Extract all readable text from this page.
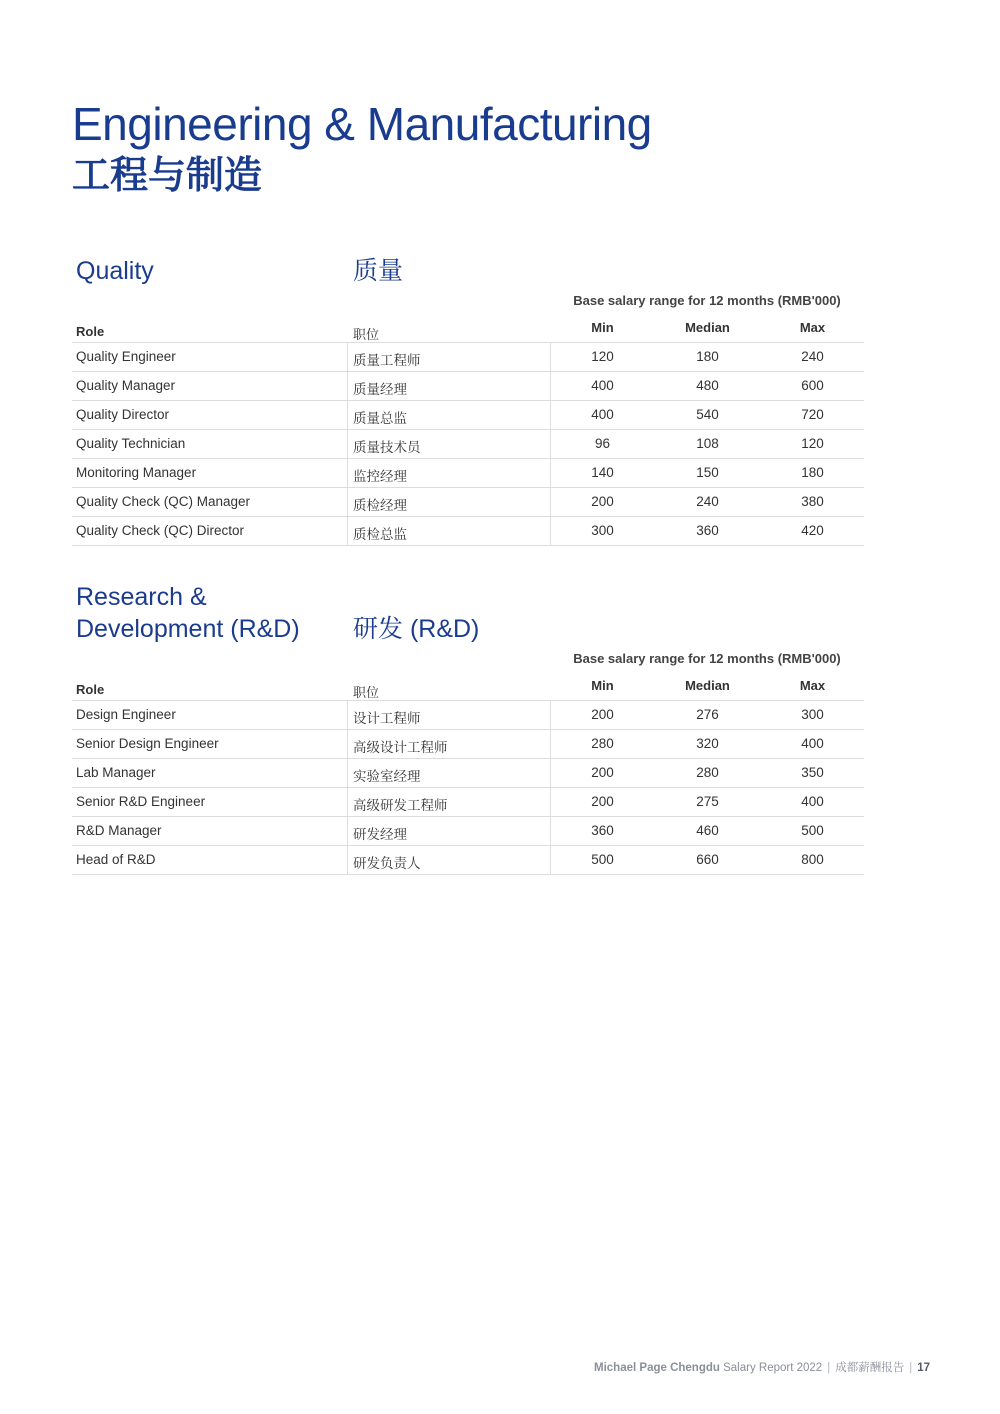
Engineering & Manufacturing
工程与制造
Quality	质量
Base salary range for 12 months (RMB'000)
Role	职位	Min	Median	Max
Quality Engineer	质量工程师	120	180	240
Quality Manager	质量经理	400	480	600
Quality Director	质量总监	400	540	720
Quality Technician	质量技术员	96	108	120
Monitoring Manager	监控经理	140	150	180
Quality Check (QC) Manager	质检经理	200	240	380
Quality Check (QC) Director	质检总监	300	360	420
Research &
Development (R&D) 研发 (R&D)
Base salary range for 12 months (RMB'000)
Role	职位	Min	Median	Max
Design Engineer	设计工程师	200	276	300
Senior Design Engineer	高级设计工程师	280	320	400
Lab Manager	实验室经理	200	280	350
Senior R&D Engineer	高级研发工程师	200	275	400
R&D Manager	研发经理	360	460	500
Head of R&D	研发负责人	500	660	800
Michael Page Chengdu Salary Report 2022 | 成都薪酬报告 | 17
